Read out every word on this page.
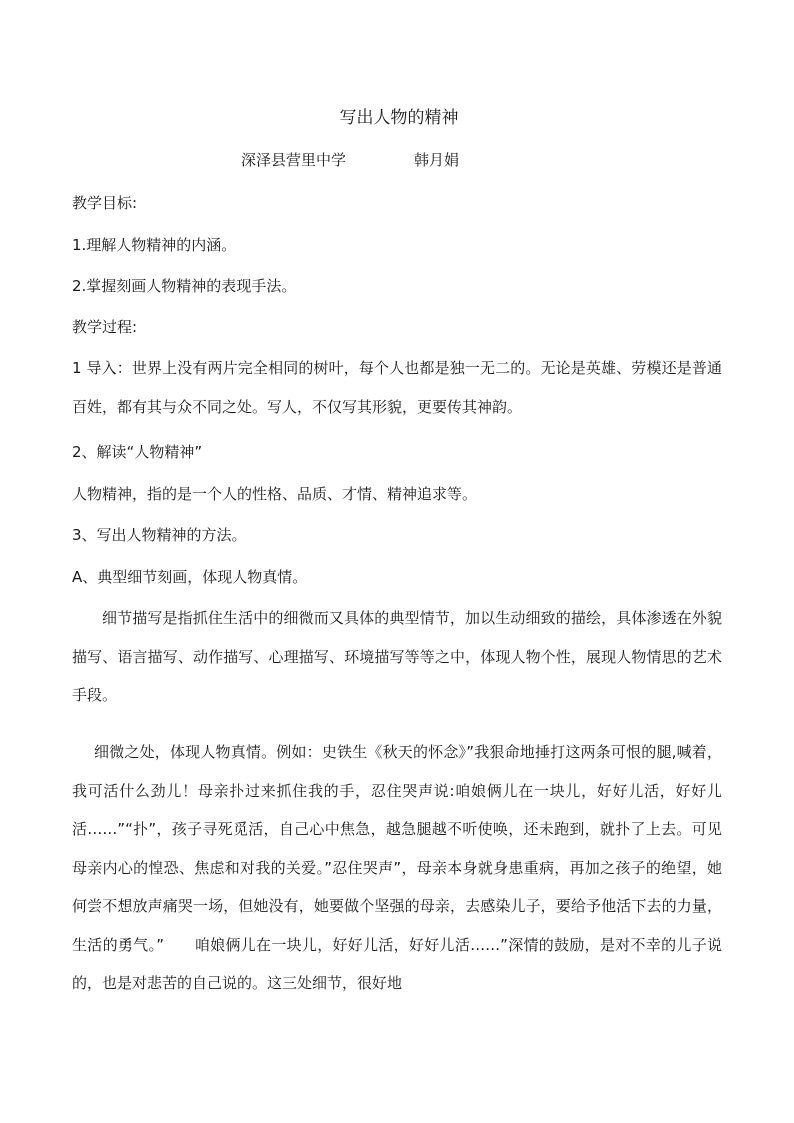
写出人物的精神
深泽县营里中学	韩月娟
教学目标:
1.理解人物精神的内涵。
2.掌握刻画人物精神的表现手法。
教学过程:
1 导入：世界上没有两片完全相同的树叶，每个人也都是独一无二的。无论是英雄、劳模还是普通百姓，都有其与众不同之处。写人，不仅写其形貌，更要传其神韵。
2、解读“人物精神”
人物精神，指的是一个人的性格、品质、才情、精神追求等。
3、写出人物精神的方法。
A、典型细节刻画，体现人物真情。
细节描写是指抓住生活中的细微而又具体的典型情节，加以生动细致的描绘，具体渗透在外貌描写、语言描写、动作描写、心理描写、环境描写等等之中，体现人物个性，展现人物情思的艺术手段。
细微之处，体现人物真情。例如：史铁生《秋天的怀念》”我狠命地捶打这两条可恨的腿,喊着，我可活什么劲儿！母亲扑过来抓住我的手，忍住哭声说:咱娘俩儿在一块儿，好好儿活，好好儿活……”“扑”，孩子寻死觅活，自己心中焦急，越急腿越不听使唤，还未跑到，就扑了上去。可见母亲内心的惶恐、焦虑和对我的关爱。”忍住哭声”，母亲本身就身患重病，再加之孩子的绝望，她何尝不想放声痛哭一场，但她没有，她要做个坚强的母亲，去感染儿子，要给予他活下去的力量，生活的勇气。”　　咱娘俩儿在一块儿，好好儿活，好好儿活……”深情的鼓励，是对不幸的儿子说的，也是对悲苦的自己说的。这三处细节，很好地
